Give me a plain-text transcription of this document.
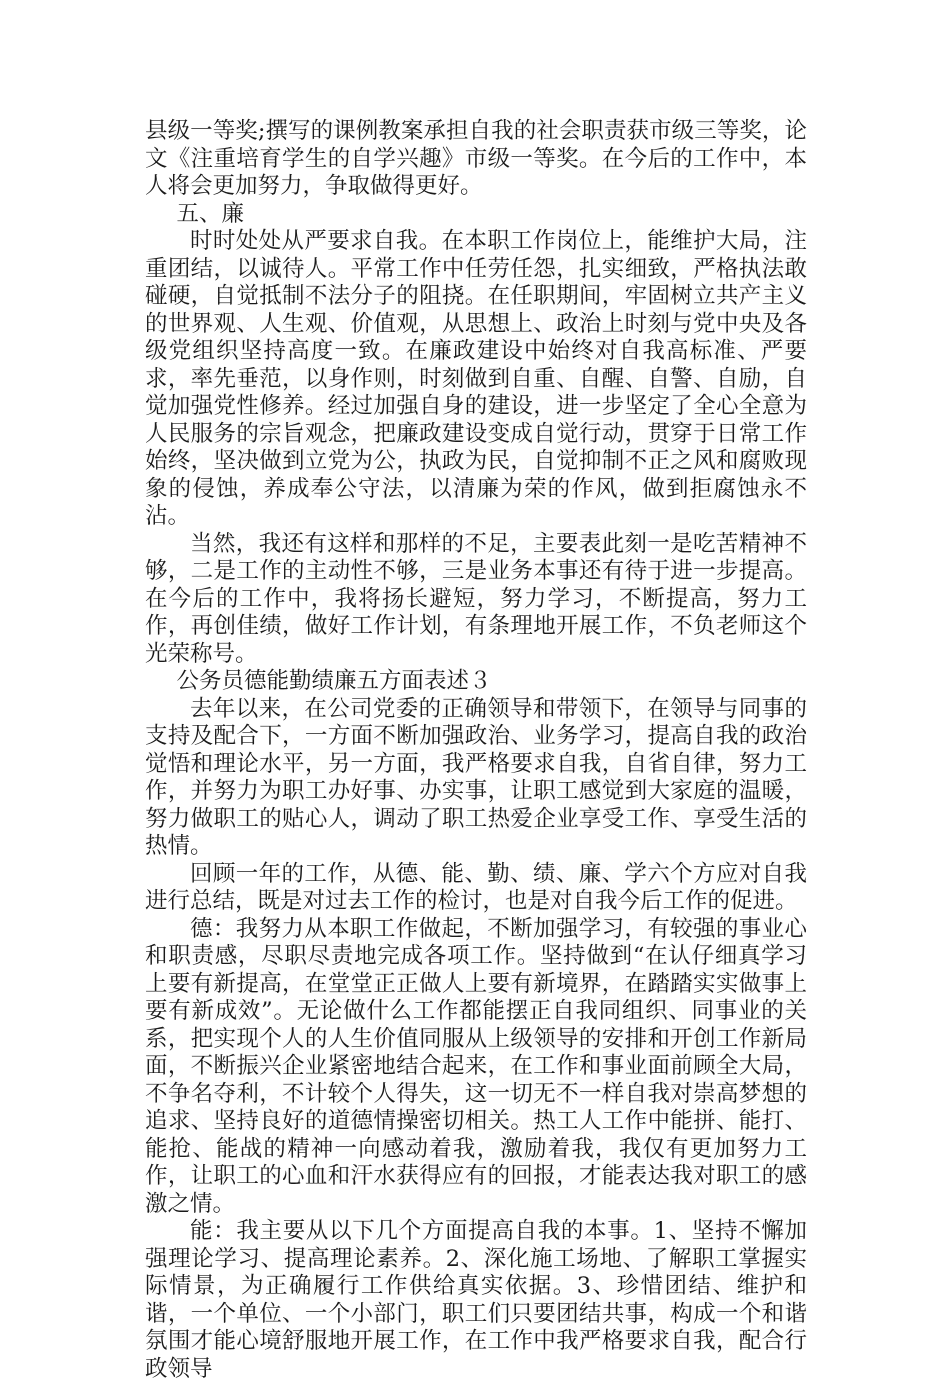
县级一等奖;撰写的课例教案承担自我的社会职责获市级三等奖，论文《注重培育学生的自学兴趣》市级一等奖。在今后的工作中，本人将会更加努力，争取做得更好。

五、廉

时时处处从严要求自我。在本职工作岗位上，能维护大局，注重团结，以诚待人。平常工作中任劳任怨，扎实细致，严格执法敢碰硬，自觉抵制不法分子的阻挠。在任职期间，牢固树立共产主义的世界观、人生观、价值观，从思想上、政治上时刻与党中央及各级党组织坚持高度一致。在廉政建设中始终对自我高标准、严要求，率先垂范，以身作则，时刻做到自重、自醒、自警、自励，自觉加强党性修养。经过加强自身的建设，进一步坚定了全心全意为人民服务的宗旨观念，把廉政建设变成自觉行动，贯穿于日常工作始终，坚决做到立党为公，执政为民，自觉抑制不正之风和腐败现象的侵蚀，养成奉公守法，以清廉为荣的作风，做到拒腐蚀永不沾。

当然，我还有这样和那样的不足，主要表此刻一是吃苦精神不够，二是工作的主动性不够，三是业务本事还有待于进一步提高。在今后的工作中，我将扬长避短，努力学习，不断提高，努力工作，再创佳绩，做好工作计划，有条理地开展工作，不负老师这个光荣称号。

公务员德能勤绩廉五方面表述３

去年以来，在公司党委的正确领导和带领下，在领导与同事的支持及配合下，一方面不断加强政治、业务学习，提高自我的政治觉悟和理论水平，另一方面，我严格要求自我，自省自律，努力工作，并努力为职工办好事、办实事，让职工感觉到大家庭的温暖，努力做职工的贴心人，调动了职工热爱企业享受工作、享受生活的热情。

回顾一年的工作，从德、能、勤、绩、廉、学六个方应对自我进行总结，既是对过去工作的检讨，也是对自我今后工作的促进。

德：我努力从本职工作做起，不断加强学习，有较强的事业心和职责感，尽职尽责地完成各项工作。坚持做到“在认仔细真学习上要有新提高，在堂堂正正做人上要有新境界，在踏踏实实做事上要有新成效”。无论做什么工作都能摆正自我同组织、同事业的关系，把实现个人的人生价值同服从上级领导的安排和开创工作新局面，不断振兴企业紧密地结合起来，在工作和事业面前顾全大局，不争名夺利，不计较个人得失，这一切无不一样自我对崇高梦想的追求、坚持良好的道德情操密切相关。热工人工作中能拼、能打、能抢、能战的精神一向感动着我，激励着我，我仅有更加努力工作，让职工的心血和汗水获得应有的回报，才能表达我对职工的感激之情。

能：我主要从以下几个方面提高自我的本事。1、坚持不懈加强理论学习、提高理论素养。2、深化施工场地、了解职工掌握实际情景，为正确履行工作供给真实依据。3、珍惜团结、维护和谐，一个单位、一个小部门，职工们只要团结共事，构成一个和谐氛围才能心境舒服地开展工作，在工作中我严格要求自我，配合行政领导
